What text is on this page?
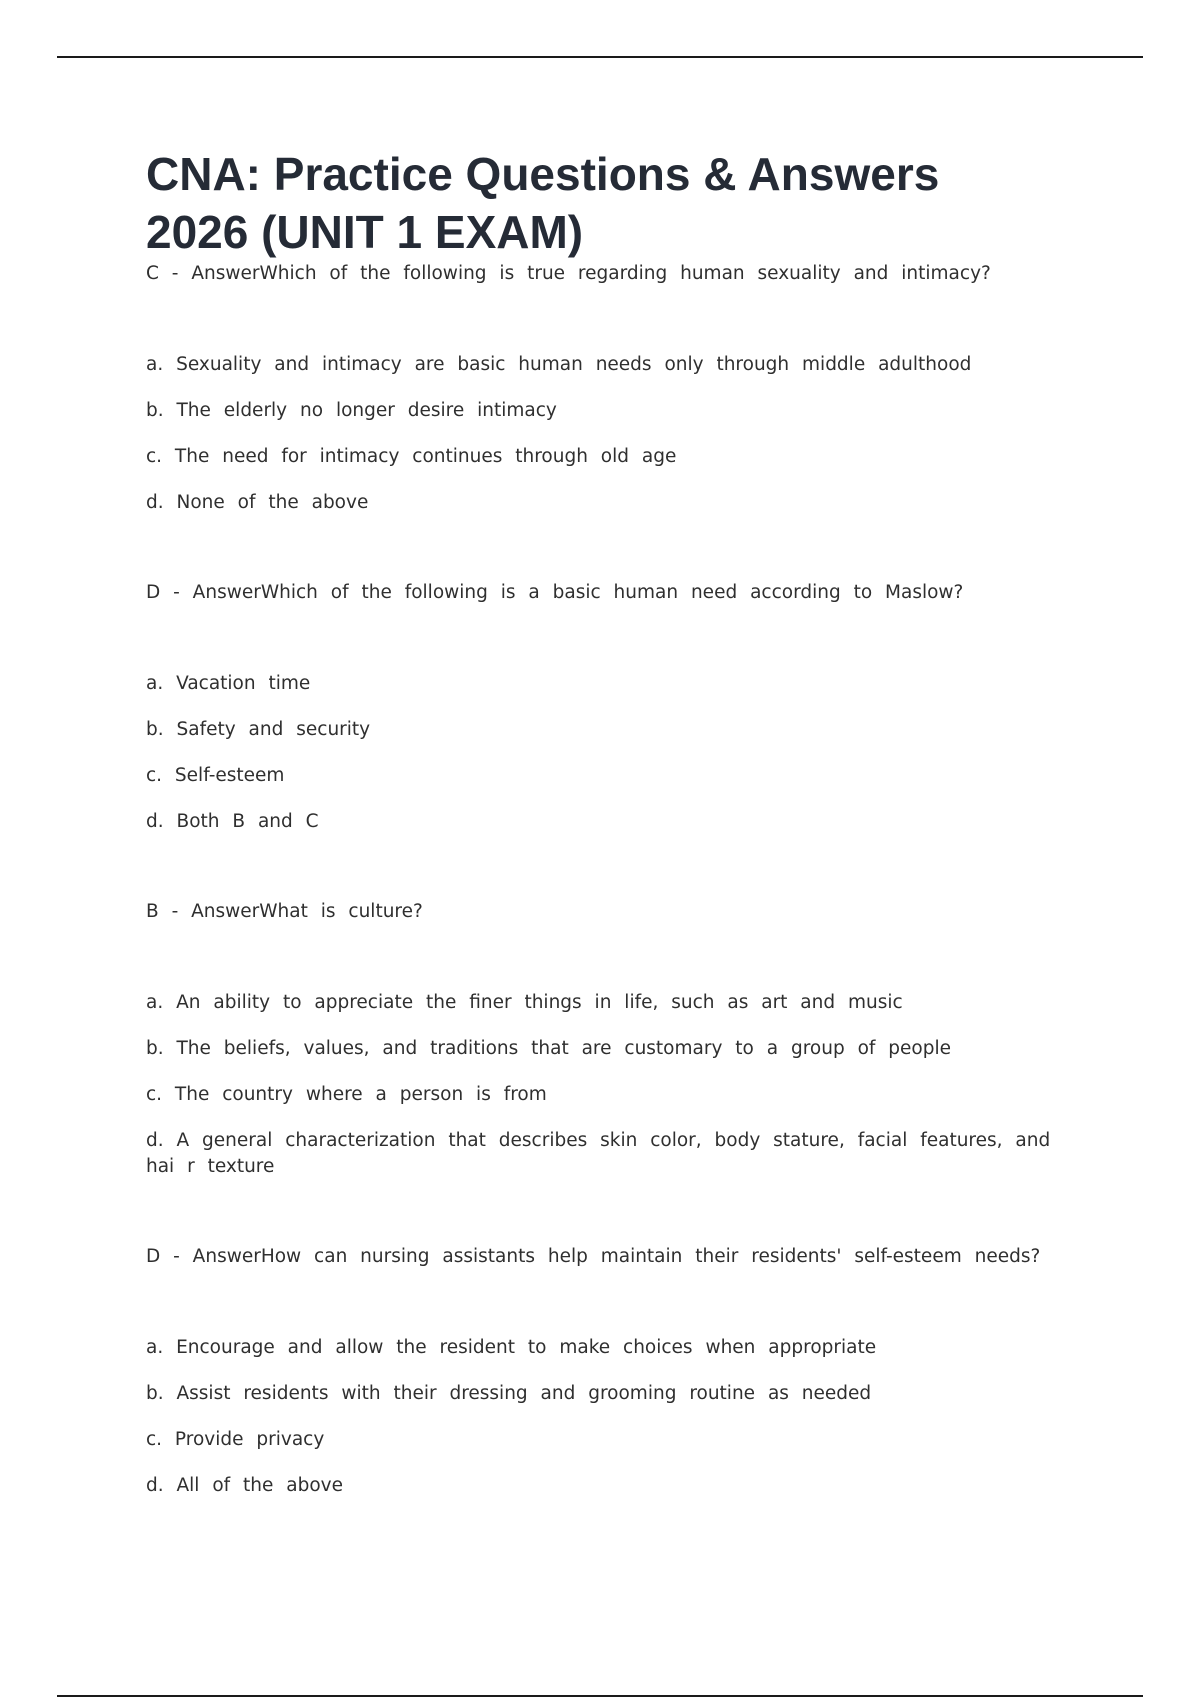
CNA: Practice Questions & Answers
2026 (UNIT 1 EXAM)

C - AnswerWhich of the following is true regarding human sexuality and intimacy?

a. Sexuality and intimacy are basic human needs only through middle adulthood

b. The elderly no longer desire intimacy

c. The need for intimacy continues through old age

d. None of the above

D - AnswerWhich of the following is a basic human need according to Maslow?

a. Vacation time

b. Safety and security

c. Self-esteem

d. Both B and C

B - AnswerWhat is culture?

a. An ability to appreciate the finer things in life, such as art and music

b. The beliefs, values, and traditions that are customary to a group of people

c. The country where a person is from

d. A general characterization that describes skin color, body stature, facial features, and hai r texture

D - AnswerHow can nursing assistants help maintain their residents' self-esteem needs?

a. Encourage and allow the resident to make choices when appropriate

b. Assist residents with their dressing and grooming routine as needed

c. Provide privacy

d. All of the above
